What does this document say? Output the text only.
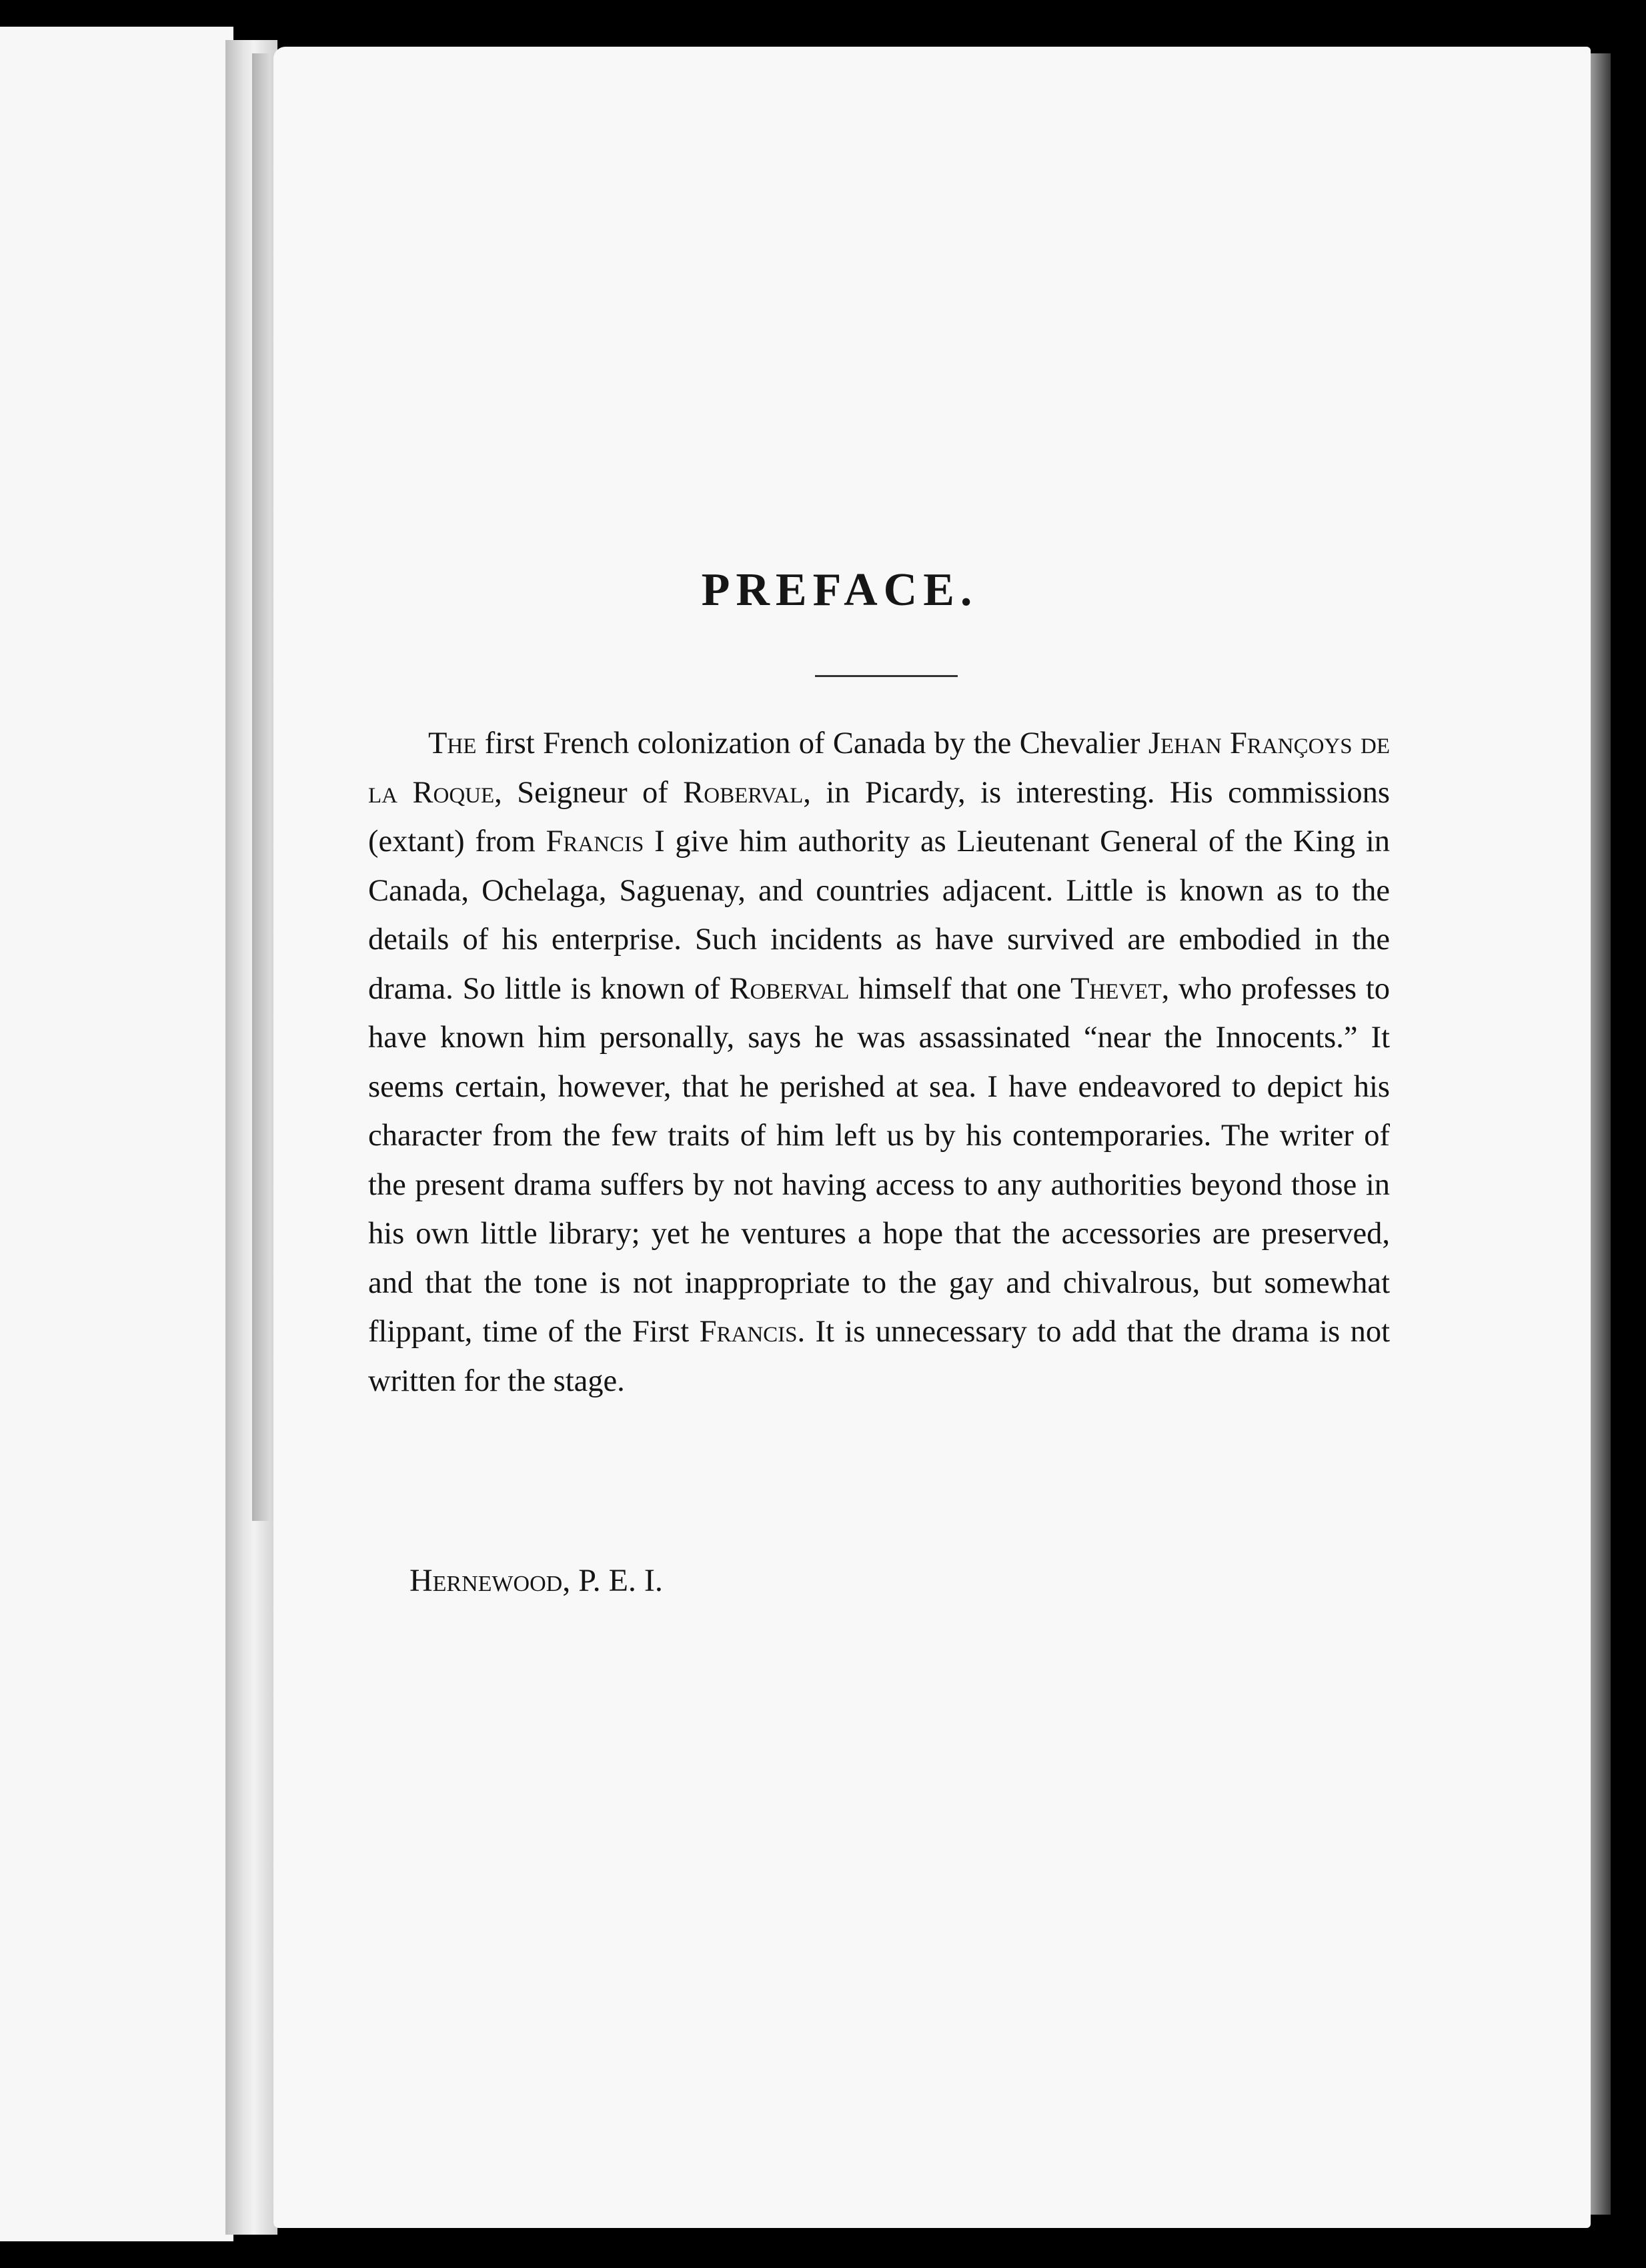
PREFACE.

The first French colonization of Canada by the Chevalier Jehan Françoys de la Roque, Seigneur of Roberval, in Picardy, is interesting. His commissions (extant) from Francis I give him authority as Lieutenant General of the King in Canada, Ochelaga, Saguenay, and countries adjacent. Little is known as to the details of his enterprise. Such incidents as have survived are embodied in the drama. So little is known of Roberval himself that one Thevet, who professes to have known him personally, says he was assassinated “near the Innocents.” It seems certain, however, that he perished at sea. I have endeavored to depict his character from the few traits of him left us by his contemporaries. The writer of the present drama suffers by not having access to any authorities beyond those in his own little library; yet he ventures a hope that the accessories are preserved, and that the tone is not inappropriate to the gay and chivalrous, but somewhat flippant, time of the First Francis. It is unnecessary to add that the drama is not written for the stage.

Hernewood, P. E. I.
